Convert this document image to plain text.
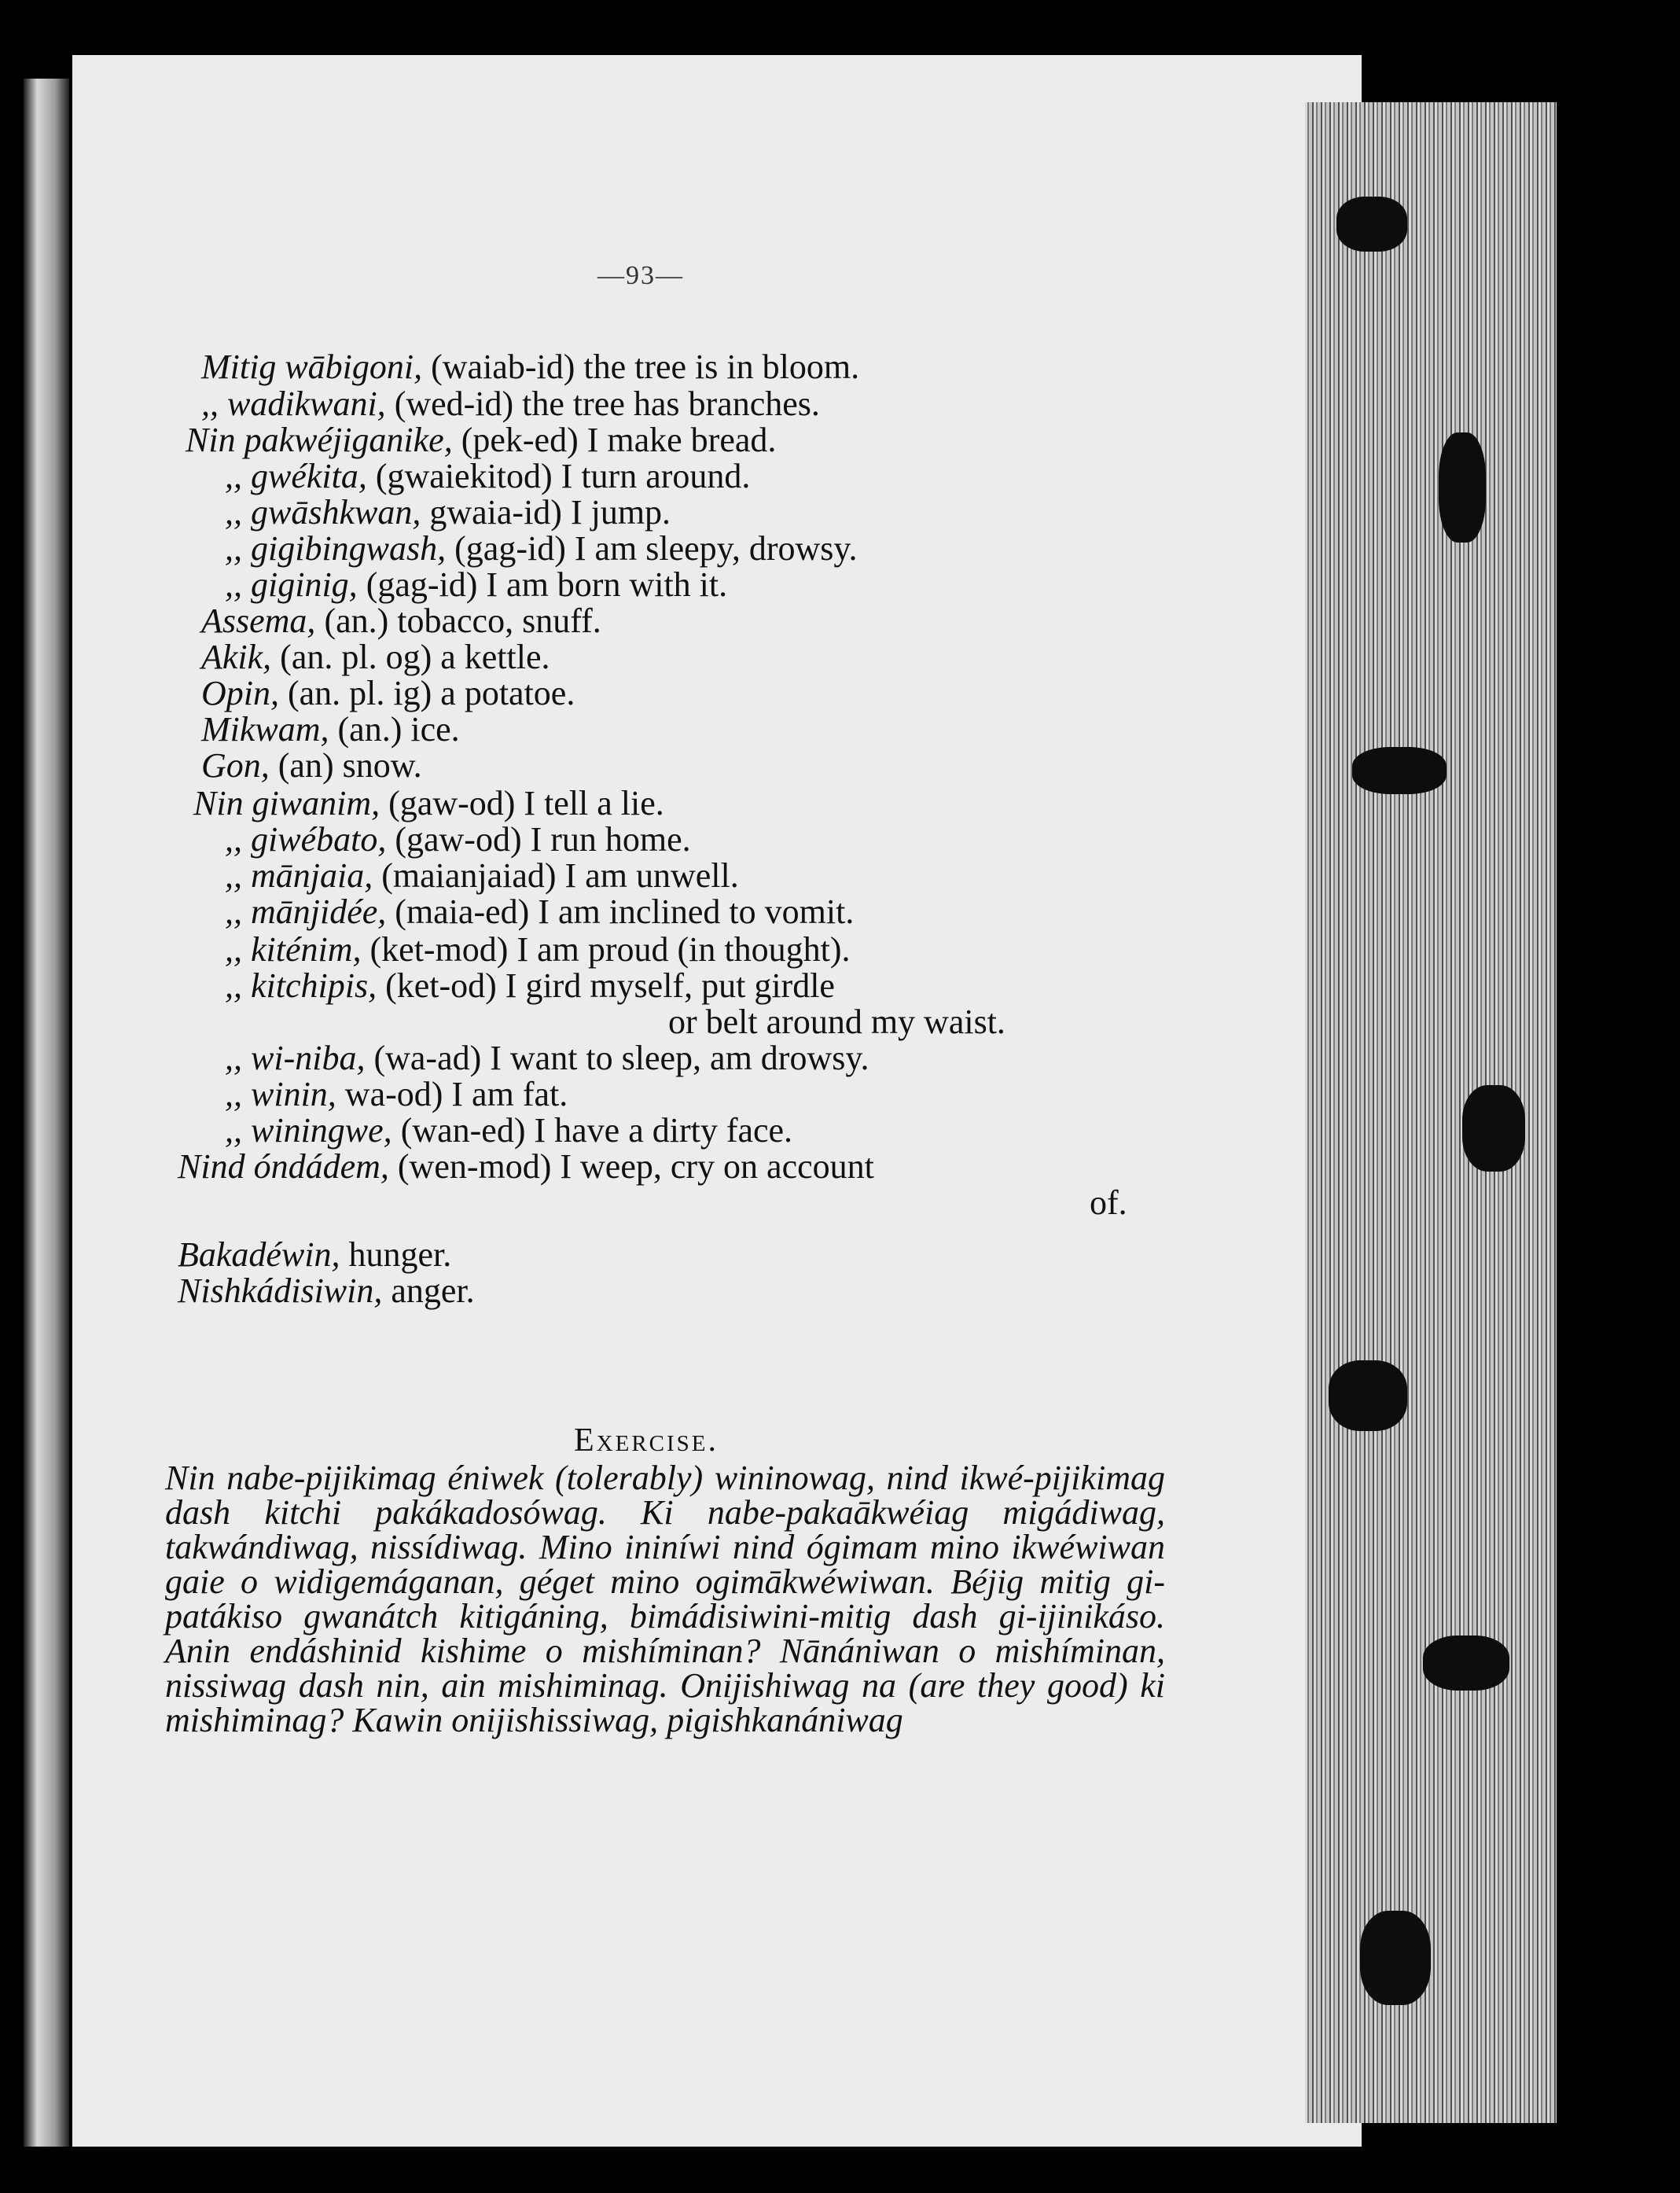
—93—
Mitig wābigoni, (waiab-id) the tree is in bloom.
,, wadikwani, (wed-id) the tree has branches.
Nin pakwéjiganike, (pek-ed) I make bread.
,, gwékita, (gwaiekitod) I turn around.
,, gwāshkwan, gwaia-id) I jump.
,, gigibingwash, (gag-id) I am sleepy, drowsy.
,, giginig, (gag-id) I am born with it.
Assema, (an.) tobacco, snuff.
Akik, (an. pl. og) a kettle.
Opin, (an. pl. ig) a potatoe.
Mikwam, (an.) ice.
Gon, (an) snow.
Nin giwanim, (gaw-od) I tell a lie.
,, giwébato, (gaw-od) I run home.
,, mānjaia, (maianjaiad) I am unwell.
,, mānjidée, (maia-ed) I am inclined to vomit.
,, kiténim, (ket-mod) I am proud (in thought).
,, kitchipis, (ket-od) I gird myself, put girdle
or belt around my waist.
,, wi-niba, (wa-ad) I want to sleep, am drowsy.
,, winin, wa-od) I am fat.
,, winingwe, (wan-ed) I have a dirty face.
Nind óndádem, (wen-mod) I weep, cry on account
of.
Bakadéwin, hunger.
Nishkádisiwin, anger.
Exercise.
Nin nabe-pijikimag éniwek (tolerably) wininowag, nind ikwé-pijikimag dash kitchi pakákadosówag. Ki nabe-pakaākwéiag migádiwag, takwándiwag, nissídiwag. Mino ininíwi nind ógimam mino ikwéwiwan gaie o widigemáganan, géget mino ogimākwéwiwan. Béjig mitig gi-patákiso gwanátch kitigáning, bimádisiwini-mitig dash gi-ijinikáso. Anin endáshinid kishime o mishíminan? Nānániwan o mishíminan, nissiwag dash nin, ain mishiminag. Onijishiwag na (are they good) ki mishiminag? Kawin onijishissiwag, pigishkanániwag
